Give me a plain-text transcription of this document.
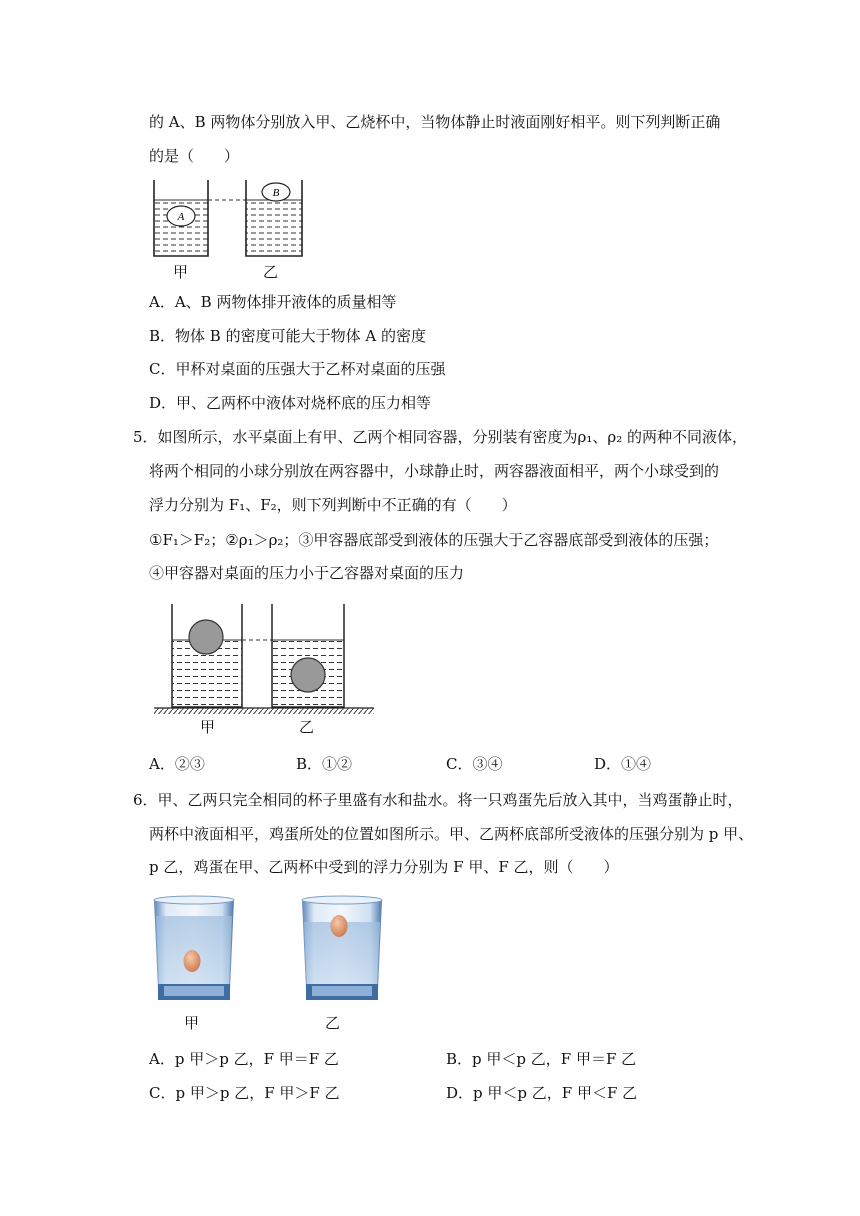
的 A、B 两物体分别放入甲、乙烧杯中，当物体静止时液面刚好相平。则下列判断正确
的是（　　）
A
B
甲	乙
A．A、B 两物体排开液体的质量相等
B．物体 B 的密度可能大于物体 A 的密度
C．甲杯对桌面的压强大于乙杯对桌面的压强
D．甲、乙两杯中液体对烧杯底的压力相等
5．如图所示，水平桌面上有甲、乙两个相同容器，分别装有密度为ρ₁、ρ₂ 的两种不同液体，
将两个相同的小球分别放在两容器中，小球静止时，两容器液面相平，两个小球受到的
浮力分别为 F₁、F₂，则下列判断中不正确的有（　　）
①F₁＞F₂；②ρ₁＞ρ₂；③甲容器底部受到液体的压强大于乙容器底部受到液体的压强；
④甲容器对桌面的压力小于乙容器对桌面的压力
甲	乙
A．②③	B．①②	C．③④	D．①④
6．甲、乙两只完全相同的杯子里盛有水和盐水。将一只鸡蛋先后放入其中，当鸡蛋静止时，
两杯中液面相平，鸡蛋所处的位置如图所示。甲、乙两杯底部所受液体的压强分别为 p 甲、
p 乙，鸡蛋在甲、乙两杯中受到的浮力分别为 F 甲、F 乙，则（　　）
甲	乙
A．p 甲＞p 乙，F 甲＝F 乙	B．p 甲＜p 乙，F 甲＝F 乙
C．p 甲＞p 乙，F 甲＞F 乙	D．p 甲＜p 乙，F 甲＜F 乙
